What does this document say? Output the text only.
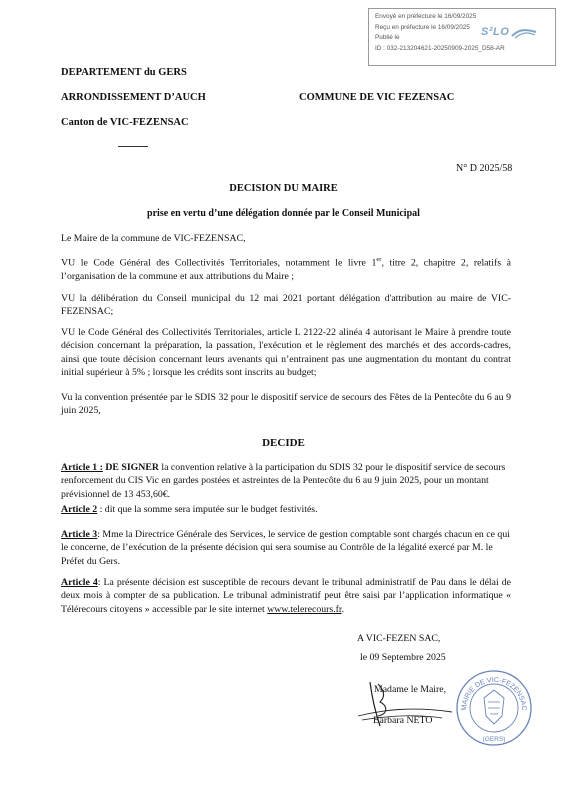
Envoyé en préfecture le 16/09/2025
Reçu en préfecture le 16/09/2025
Publié le
ID : 032-213204621-20250909-2025_D58-AR
S²LO
DEPARTEMENT du GERS
ARRONDISSEMENT D’AUCH	COMMUNE DE VIC FEZENSAC
Canton de VIC-FEZENSAC
N° D 2025/58
DECISION DU MAIRE
prise en vertu d’une délégation donnée par le Conseil Municipal

Le Maire de la commune de VIC-FEZENSAC,

VU le Code Général des Collectivités Territoriales, notamment le livre 1er, titre 2, chapitre 2, relatifs à l’organisation de la commune et aux attributions du Maire ;

VU la délibération du Conseil municipal du 12 mai 2021 portant délégation d'attribution au maire de VIC-FEZENSAC;

VU le Code Général des Collectivités Territoriales, article L 2122-22 alinéa 4 autorisant le Maire à prendre toute décision concernant la préparation, la passation, l'exécution et le règlement des marchés et des accords-cadres, ainsi que toute décision concernant leurs avenants qui n’entrainent pas une augmentation du montant du contrat initial supérieur à 5% ; lorsque les crédits sont inscrits au budget;

Vu la convention présentée par le SDIS 32 pour le dispositif service de secours des Fêtes de la Pentecôte du 6 au 9 juin 2025,

DECIDE

Article 1 : DE SIGNER la convention relative à la participation du SDIS 32 pour le dispositif service de secours renforcement du CIS Vic en gardes postées et astreintes de la Pentecôte du 6 au 9 juin 2025, pour un montant prévisionnel de 13 453,60€.

Article 2 : dit que la somme sera imputée sur le budget festivités.

Article 3: Mme la Directrice Générale des Services, le service de gestion comptable sont chargés chacun en ce qui le concerne, de l’exécution de la présente décision qui sera soumise au Contrôle de la légalité exercé par M. le Préfet du Gers.

Article 4: La présente décision est susceptible de recours devant le tribunal administratif de Pau dans le délai de deux mois à compter de sa publication. Le tribunal administratif peut être saisi par l’application informatique « Télérecours citoyens » accessible par le site internet www.telerecours.fr.

A VIC-FEZEN SAC,
le 09 Septembre 2025
Madame le Maire,
Barbara NETO
MAIRIE DE VIC-FEZENSAC
(GERS)
